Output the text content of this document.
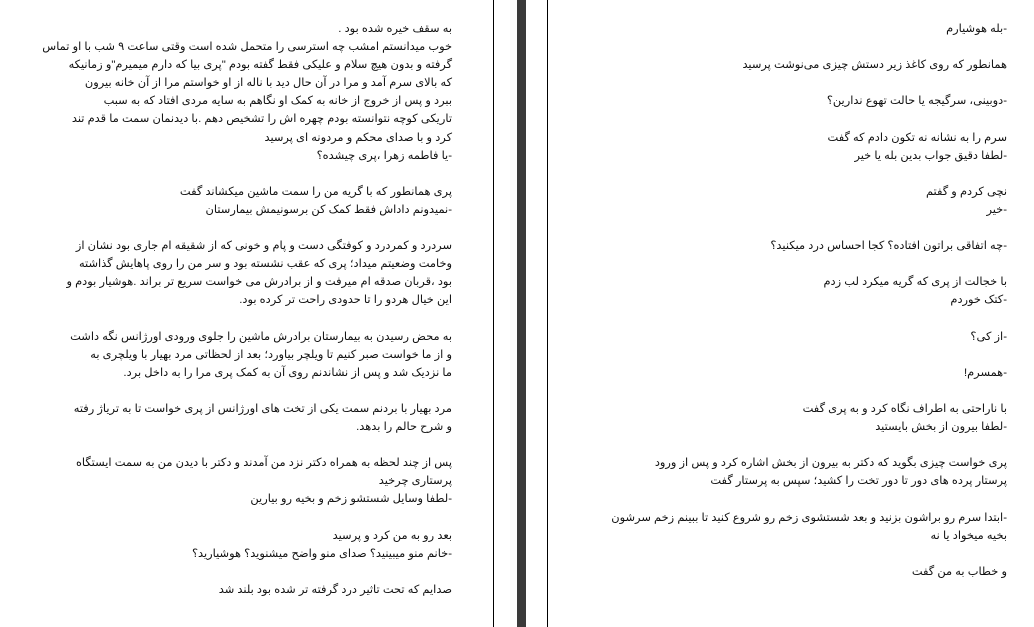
به سقف خیره شده بود .
خوب میدانستم امشب چه استرسی را متحمل شده است وقتی ساعت ۹ شب با او تماس
گرفته و بدون هیچ سلام و علیکی فقط گفته بودم "پری بیا که دارم میمیرم"و زمانیکه
که بالای سرم آمد و مرا در آن حال دید با ناله از او خواستم مرا از آن خانه بیرون
ببرد و پس از خروج از خانه به کمک او نگاهم به سایه مردی افتاد که به سبب
تاریکی کوچه نتوانسته بودم چهره اش را تشخیص دهم .با دیدنمان سمت ما قدم تند
کرد و با صدای محکم و مردونه ای پرسید
-یا فاطمه زهرا ،پری چیشده؟
پری همانطور که با گریه من را سمت ماشین میکشاند گفت
-نمیدونم داداش فقط کمک کن برسونیمش بیمارستان
سردرد و کمردرد و کوفتگی دست و پام و خونی که از شقیقه ام جاری بود نشان از
وخامت وضعیتم میداد؛ پری که عقب نشسته بود و سر من را روی پاهایش گذاشته
بود ،قربان صدقه ام میرفت و از برادرش می خواست سریع تر براند .هوشیار بودم و
این خیال هردو را تا حدودی راحت تر کرده بود.
به محض رسیدن به بیمارستان برادرش ماشین را جلوی ورودی اورژانس نگه داشت
و از ما خواست صبر کنیم تا ویلچر بیاورد؛ بعد از لحظاتی مرد بهیار با ویلچری به
ما نزدیک شد و پس از نشاندنم روی آن به کمک پری مرا را به داخل برد.
مرد بهیار با بردنم سمت یکی از تخت های اورژانس از پری خواست تا به تریاژ رفته
و شرح حالم را بدهد.
پس از چند لحظه به همراه دکتر نزد من آمدند و دکتر با دیدن من به سمت ایستگاه
پرستاری چرخید
-لطفا وسایل شستشو زخم و بخیه رو بیارین
بعد رو به من کرد و پرسید
-خانم منو میبینید؟ صدای منو واضح میشنوید؟ هوشیارید؟
صدایم که تحت تاثیر درد گرفته تر شده بود بلند شد
-بله هوشیارم
همانطور که روی کاغذ زیر دستش چیزی می‌نوشت پرسید
-دوبینی، سرگیجه یا حالت تهوع ندارین؟
سرم را به نشانه نه تکون دادم که گفت
-لطفا دقیق جواب بدین بله یا خیر
نچی کردم و گفتم
-خیر
-چه اتفاقی براتون افتاده؟ کجا احساس درد میکنید؟
با خجالت از پری که گریه میکرد لب زدم
-کتک خوردم
-از کی؟
-همسرم!
با ناراحتی به اطراف نگاه کرد و به پری گفت
-لطفا بیرون از بخش بایستید
پری خواست چیزی بگوید که دکتر به بیرون از بخش اشاره کرد و پس از ورود
پرستار پرده های دور تا دور تخت را کشید؛ سپس به پرستار گفت
-ابتدا سرم رو براشون بزنید و بعد شستشوی زخم رو شروع کنید تا ببینم زخم سرشون
بخیه میخواد یا نه
و خطاب به من گفت
